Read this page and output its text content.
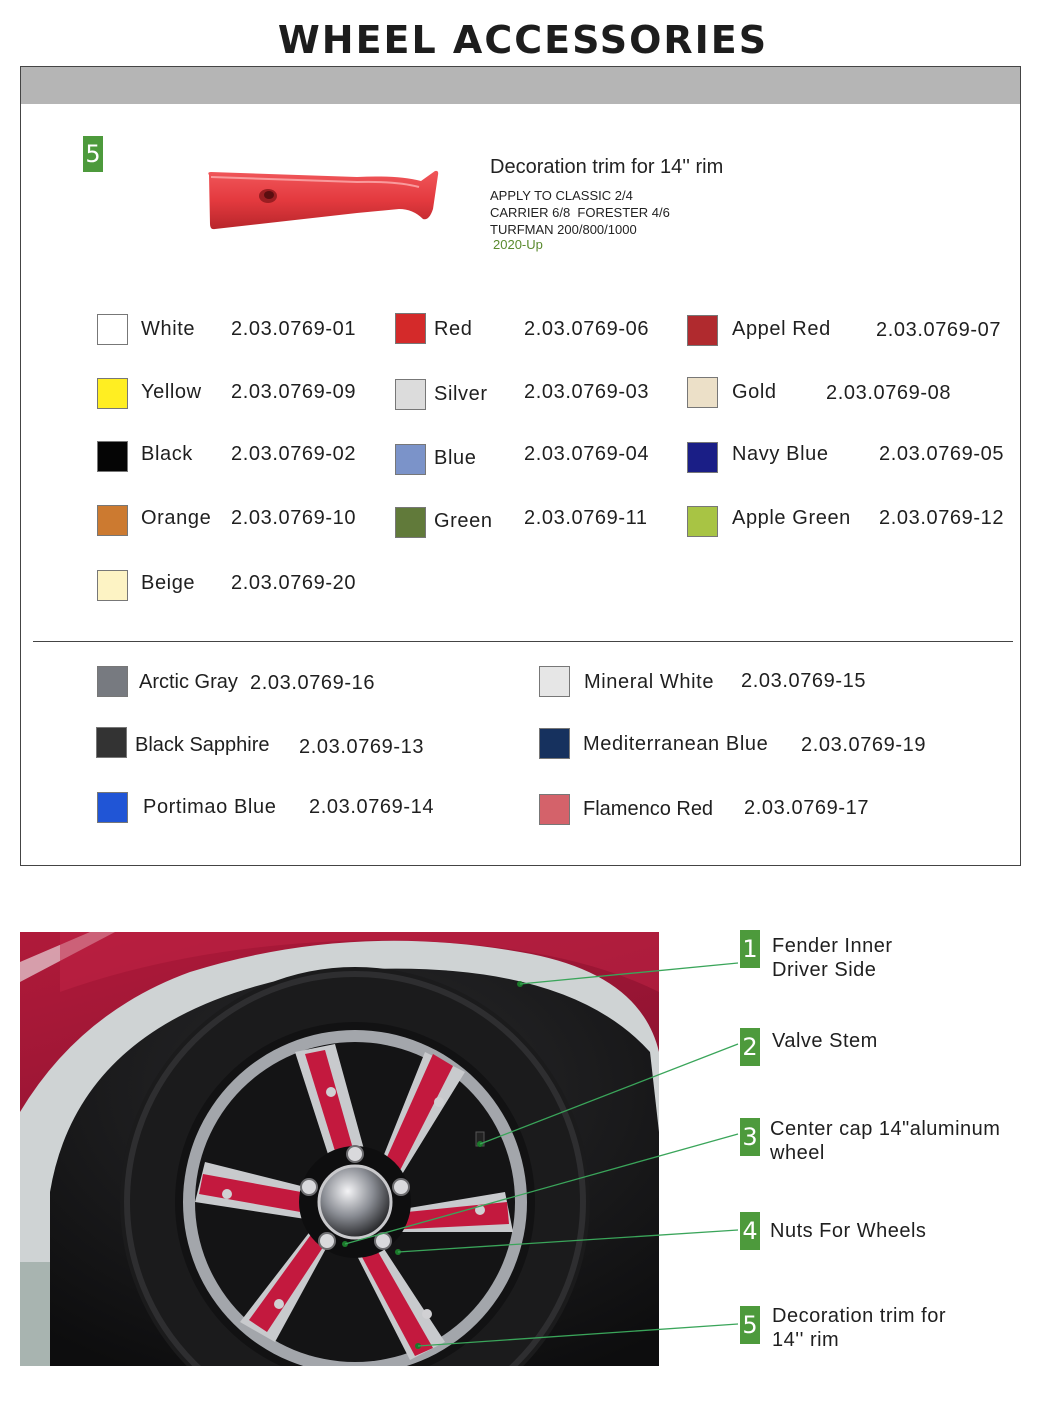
WHEEL ACCESSORIES
5	Decoration trim for 14'' rim
APPLY TO CLASSIC 2/4
CARRIER 6/8  FORESTER 4/6
TURFMAN 200/800/1000
2020-Up
White 2.03.0769-01	Red	2.03.0769-06	Appel Red 2.03.0769-07
Yellow 2.03.0769-09	Silver 2.03.0769-03	Gold 2.03.0769-08
Black 2.03.0769-02	Blue 2.03.0769-04	Navy Blue	2.03.0769-05
Orange 2.03.0769-10	Green 2.03.0769-11	Apple Green 2.03.0769-12
Beige 2.03.0769-20
Arctic Gray 2.03.0769-16	Mineral White 2.03.0769-15
Black Sapphire 2.03.0769-13	Mediterranean Blue 2.03.0769-19
Portimao Blue 2.03.0769-14	Flamenco Red 2.03.0769-17
1 Fender Inner
Driver Side
2 Valve Stem
3 Center cap 14"aluminum
wheel
4 Nuts For Wheels
5 Decoration trim for
14'' rim
